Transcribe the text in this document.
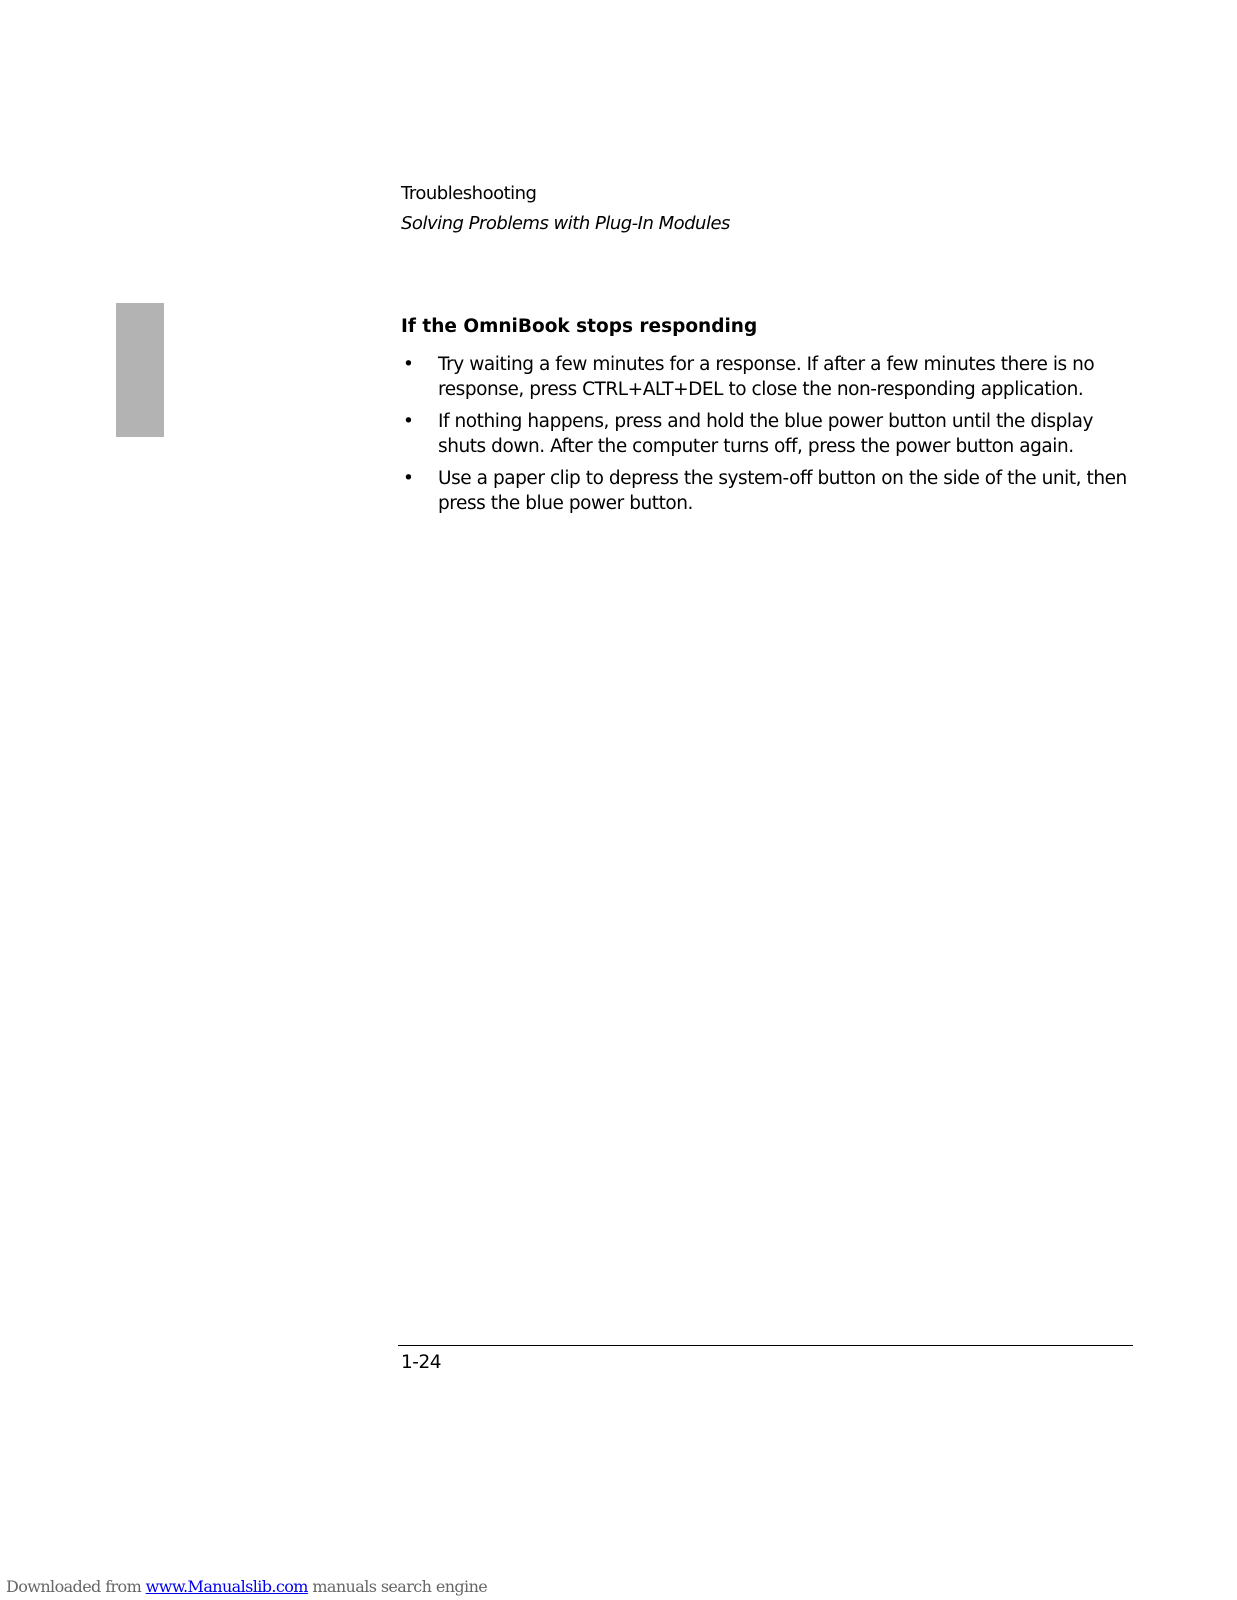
Troubleshooting
Solving Problems with Plug-In Modules
If the OmniBook stops responding
• Try waiting a few minutes for a response. If after a few minutes there is no response, press CTRL+ALT+DEL to close the non-responding application.
• If nothing happens, press and hold the blue power button until the display shuts down. After the computer turns off, press the power button again.
• Use a paper clip to depress the system-off button on the side of the unit, then press the blue power button.
1-24
Downloaded from www.Manualslib.com manuals search engine
